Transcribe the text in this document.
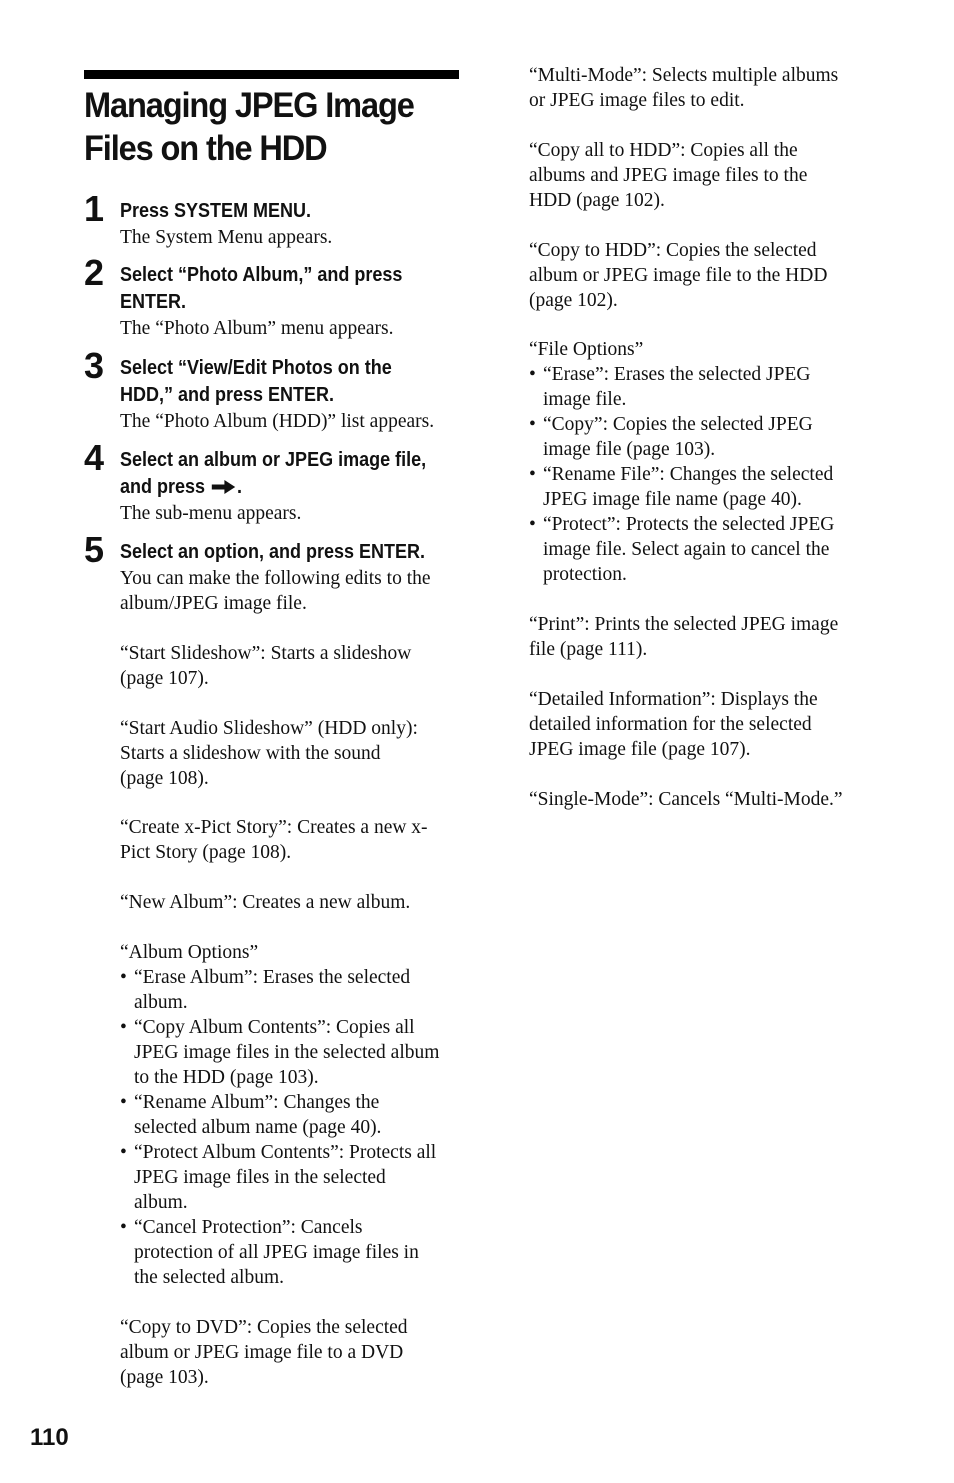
Managing JPEG Image
Files on the HDD
1 Press SYSTEM MENU.
The System Menu appears.
2 Select “Photo Album,” and press
ENTER.
The “Photo Album” menu appears.
3 Select “View/Edit Photos on the
HDD,” and press ENTER.
The “Photo Album (HDD)” list appears.
4 Select an album or JPEG image file,
and press .
The sub-menu appears.
5 Select an option, and press ENTER.

You can make the following edits to the
album/JPEG image file.

“Start Slideshow”: Starts a slideshow
(page 107).

“Start Audio Slideshow” (HDD only):
Starts a slideshow with the sound
(page 108).

“Create x-Pict Story”: Creates a new x-
Pict Story (page 108).

“New Album”: Creates a new album.

“Album Options”

• “Erase Album”: Erases the selected
album.
• “Copy Album Contents”: Copies all
JPEG image files in the selected album
to the HDD (page 103).
• “Rename Album”: Changes the
selected album name (page 40).
• “Protect Album Contents”: Protects all
JPEG image files in the selected
album.
• “Cancel Protection”: Cancels
protection of all JPEG image files in
the selected album.

“Copy to DVD”: Copies the selected
album or JPEG image file to a DVD
(page 103).

“Multi-Mode”: Selects multiple albums
or JPEG image files to edit.

“Copy all to HDD”: Copies all the
albums and JPEG image files to the
HDD (page 102).

“Copy to HDD”: Copies the selected
album or JPEG image file to the HDD
(page 102).

“File Options”

• “Erase”: Erases the selected JPEG
image file.
• “Copy”: Copies the selected JPEG
image file (page 103).
• “Rename File”: Changes the selected
JPEG image file name (page 40).
• “Protect”: Protects the selected JPEG
image file. Select again to cancel the
protection.

“Print”: Prints the selected JPEG image
file (page 111).

“Detailed Information”: Displays the
detailed information for the selected
JPEG image file (page 107).

“Single-Mode”: Cancels “Multi-Mode.”

110
